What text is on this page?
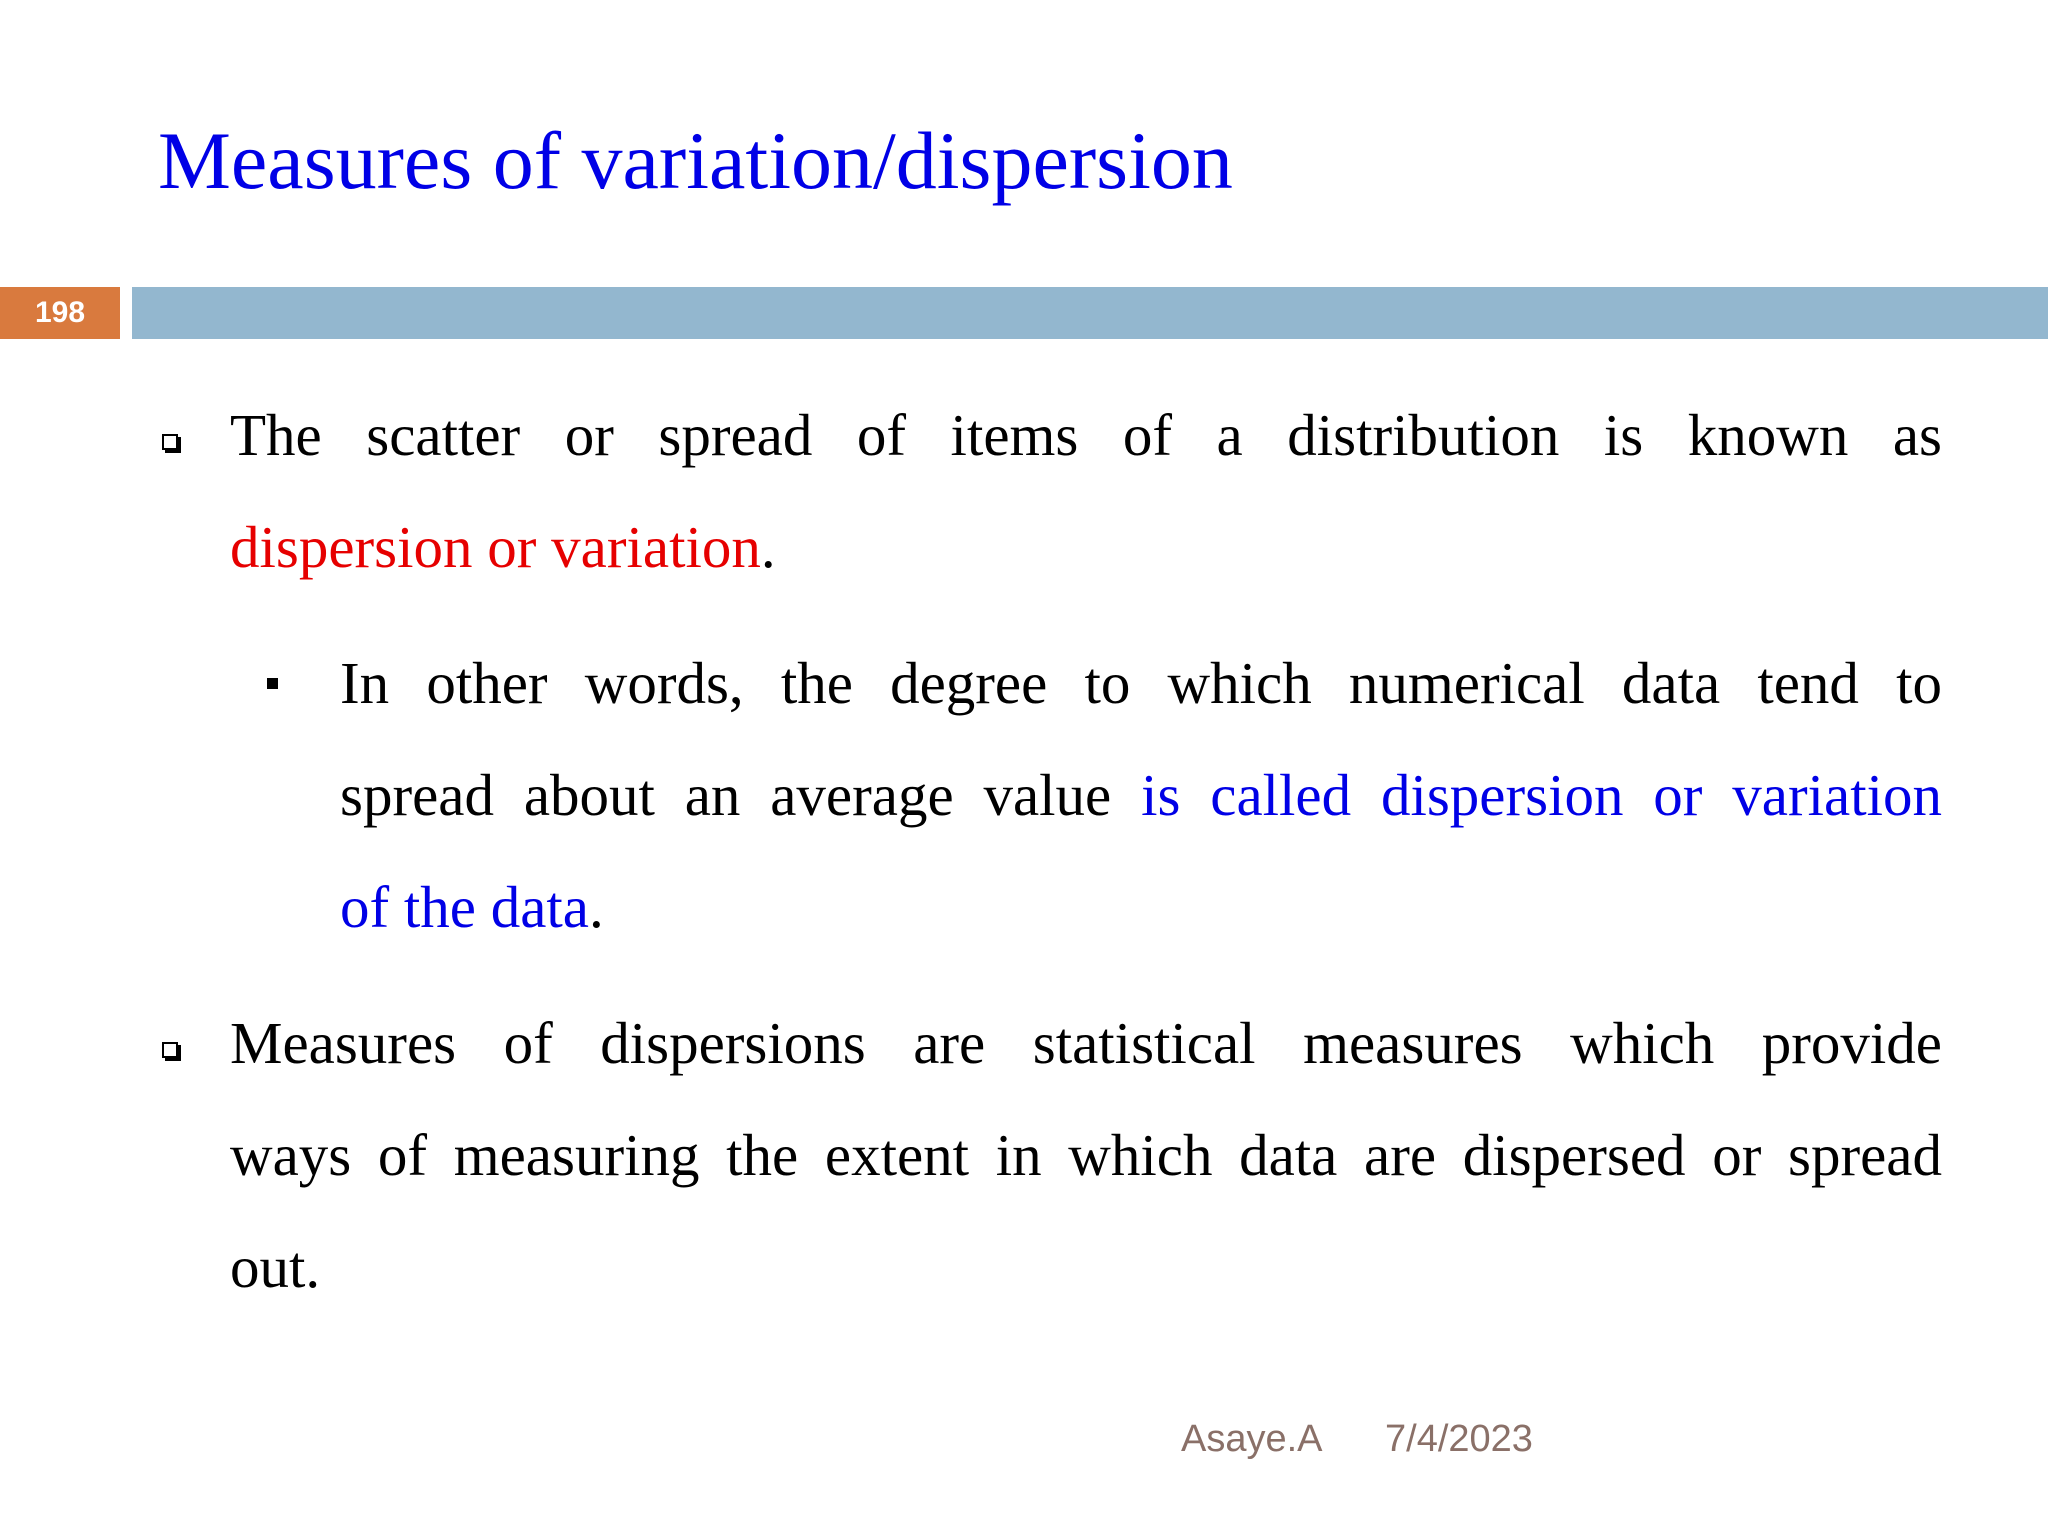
Measures of variation/dispersion
198
The scatter or spread of items of a distribution is known as
dispersion or variation.
In other words, the degree to which numerical data tend to
spread about an average value is called dispersion or variation
of the data.
Measures of dispersions are statistical measures which provide
ways of measuring the extent in which data are dispersed or spread
out.
Asaye.A 7/4/2023
